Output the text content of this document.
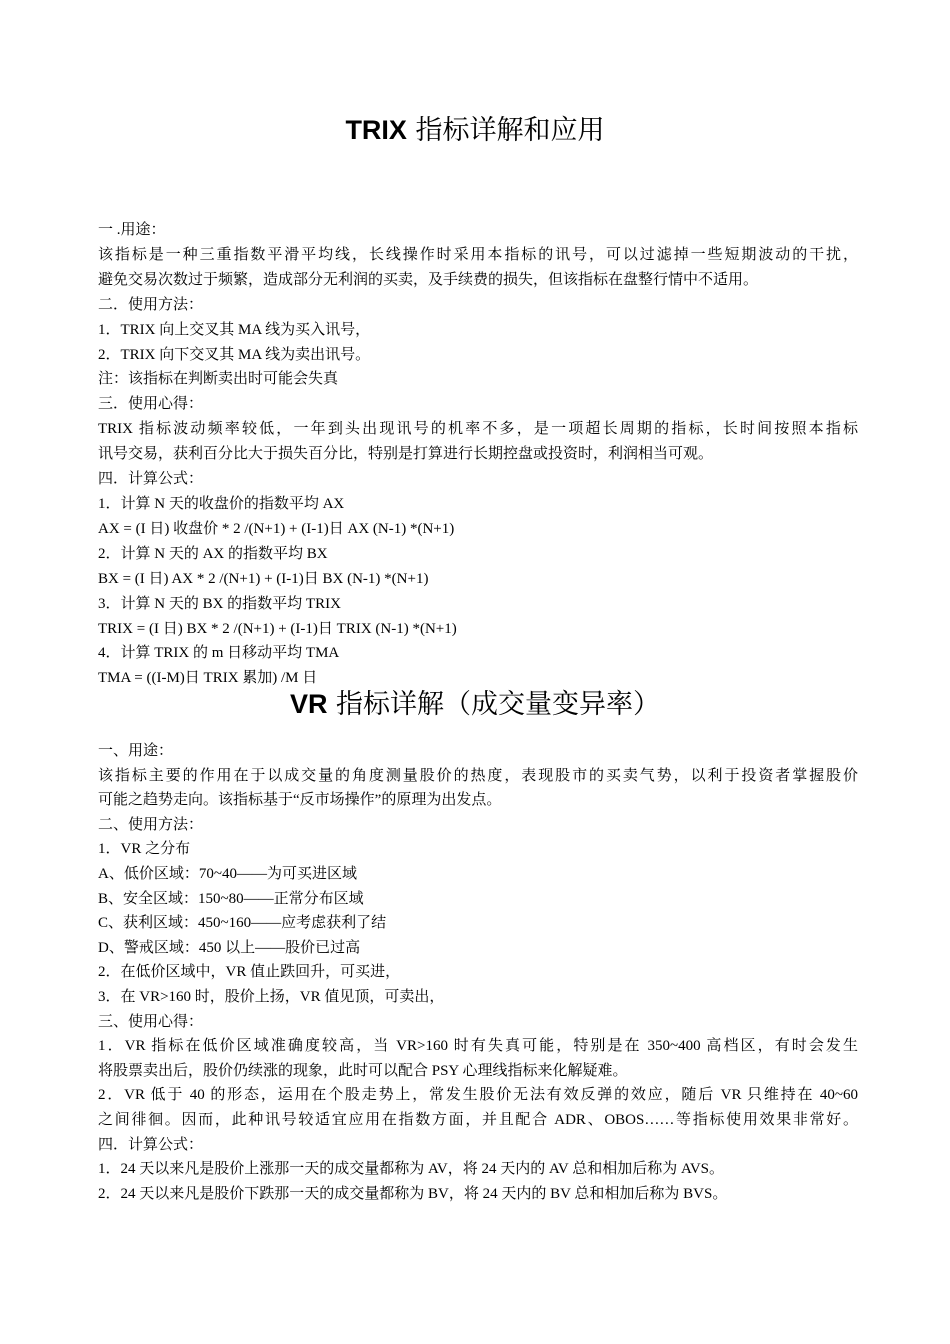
TRIX 指标详解和应用

一 .用途：

该指标是一种三重指数平滑平均线，长线操作时采用本指标的讯号，可以过滤掉一些短期波动的干扰，

避免交易次数过于频繁，造成部分无利润的买卖，及手续费的损失，但该指标在盘整行情中不适用。

二．使用方法：

1．TRIX 向上交叉其 MA 线为买入讯号，

2．TRIX 向下交叉其 MA 线为卖出讯号。

注：该指标在判断卖出时可能会失真

三．使用心得：

TRIX 指标波动频率较低，一年到头出现讯号的机率不多，是一项超长周期的指标，长时间按照本指标

讯号交易，获利百分比大于损失百分比，特别是打算进行长期控盘或投资时，利润相当可观。

四．计算公式：

1．计算 N 天的收盘价的指数平均 AX

AX = (I 日) 收盘价 * 2 /(N+1) + (I-1)日 AX (N-1) *(N+1)

2．计算 N 天的 AX 的指数平均 BX

BX = (I 日) AX * 2 /(N+1) + (I-1)日 BX (N-1) *(N+1)

3．计算 N 天的 BX 的指数平均 TRIX

TRIX = (I 日) BX * 2 /(N+1) + (I-1)日 TRIX (N-1) *(N+1)

4．计算 TRIX 的 m 日移动平均 TMA

TMA = ((I-M)日 TRIX 累加) /M 日

VR 指标详解（成交量变异率）

一、用途：

该指标主要的作用在于以成交量的角度测量股价的热度，表现股市的买卖气势，以利于投资者掌握股价

可能之趋势走向。该指标基于“反市场操作”的原理为出发点。

二、使用方法：

1．VR 之分布

A、低价区域：70~40——为可买进区域

B、安全区域：150~80——正常分布区域

C、获利区域：450~160——应考虑获利了结

D、警戒区域：450 以上——股价已过高

2．在低价区域中，VR 值止跌回升，可买进，

3．在 VR>160 时，股价上扬，VR 值见顶，可卖出，

三、使用心得：

1．VR 指标在低价区域准确度较高，当 VR>160 时有失真可能，特别是在 350~400 高档区，有时会发生

将股票卖出后，股价仍续涨的现象，此时可以配合 PSY 心理线指标来化解疑难。

2．VR 低于 40 的形态，运用在个股走势上，常发生股价无法有效反弹的效应，随后 VR 只维持在 40~60

之间徘徊。因而，此种讯号较适宜应用在指数方面，并且配合 ADR、OBOS……等指标使用效果非常好。

四．计算公式：

1．24 天以来凡是股价上涨那一天的成交量都称为 AV，将 24 天内的 AV 总和相加后称为 AVS。

2．24 天以来凡是股价下跌那一天的成交量都称为 BV，将 24 天内的 BV 总和相加后称为 BVS。
